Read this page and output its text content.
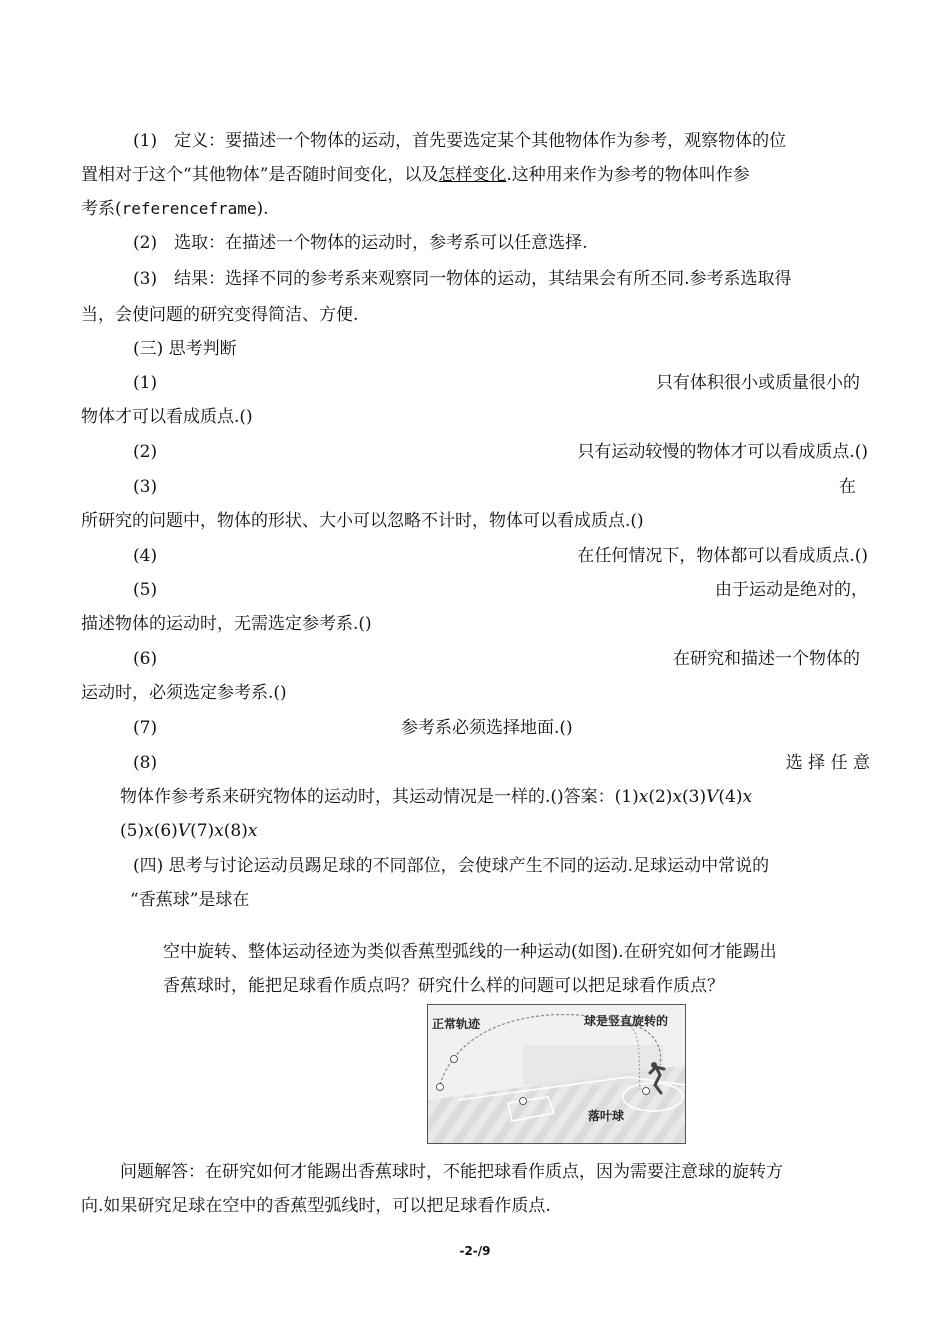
(1)　定义：要描述一个物体的运动，首先要选定某个其他物体作为参考，观察物体的位
置相对于这个“其他物体”是否随时间变化，以及怎样变化.这种用来作为参考的物体叫作参
考系(referenceframe).
(2)　选取：在描述一个物体的运动时，参考系可以任意选择.
(3)　结果：选择不同的参考系来观察同一物体的运动，其结果会有所丕同.参考系选取得
当，会使问题的研究变得简洁、方便.
(三) 思考判断
(1)	只有体积很小或质量很小的
物体才可以看成质点.()
(2)	只有运动较慢的物体才可以看成质点.()
(3)	在
所研究的问题中，物体的形状、大小可以忽略不计时，物体可以看成质点.()
(4)	在任何情况下，物体都可以看成质点.()
(5)	由于运动是绝对的，
描述物体的运动时，无需选定参考系.()
(6)	在研究和描述一个物体的
运动时，必须选定参考系.()
(7)	参考系必须选择地面.()
(8)	选 择 任 意
物体作参考系来研究物体的运动时，其运动情况是一样的.()答案：(1)x(2)x(3)V(4)x
(5)x(6)V(7)x(8)x
(四) 思考与讨论运动员踢足球的不同部位，会使球产生不同的运动.足球运动中常说的
“香蕉球”是球在
空中旋转、整体运动径迹为类似香蕉型弧线的一种运动(如图).在研究如何才能踢出
香蕉球时，能把足球看作质点吗？研究什么样的问题可以把足球看作质点？
正常轨迹	球是竖直旋转的
落叶球
问题解答：在研究如何才能踢出香蕉球时，不能把球看作质点，因为需要注意球的旋转方
向.如果研究足球在空中的香蕉型弧线时，可以把足球看作质点.
-2-/9
